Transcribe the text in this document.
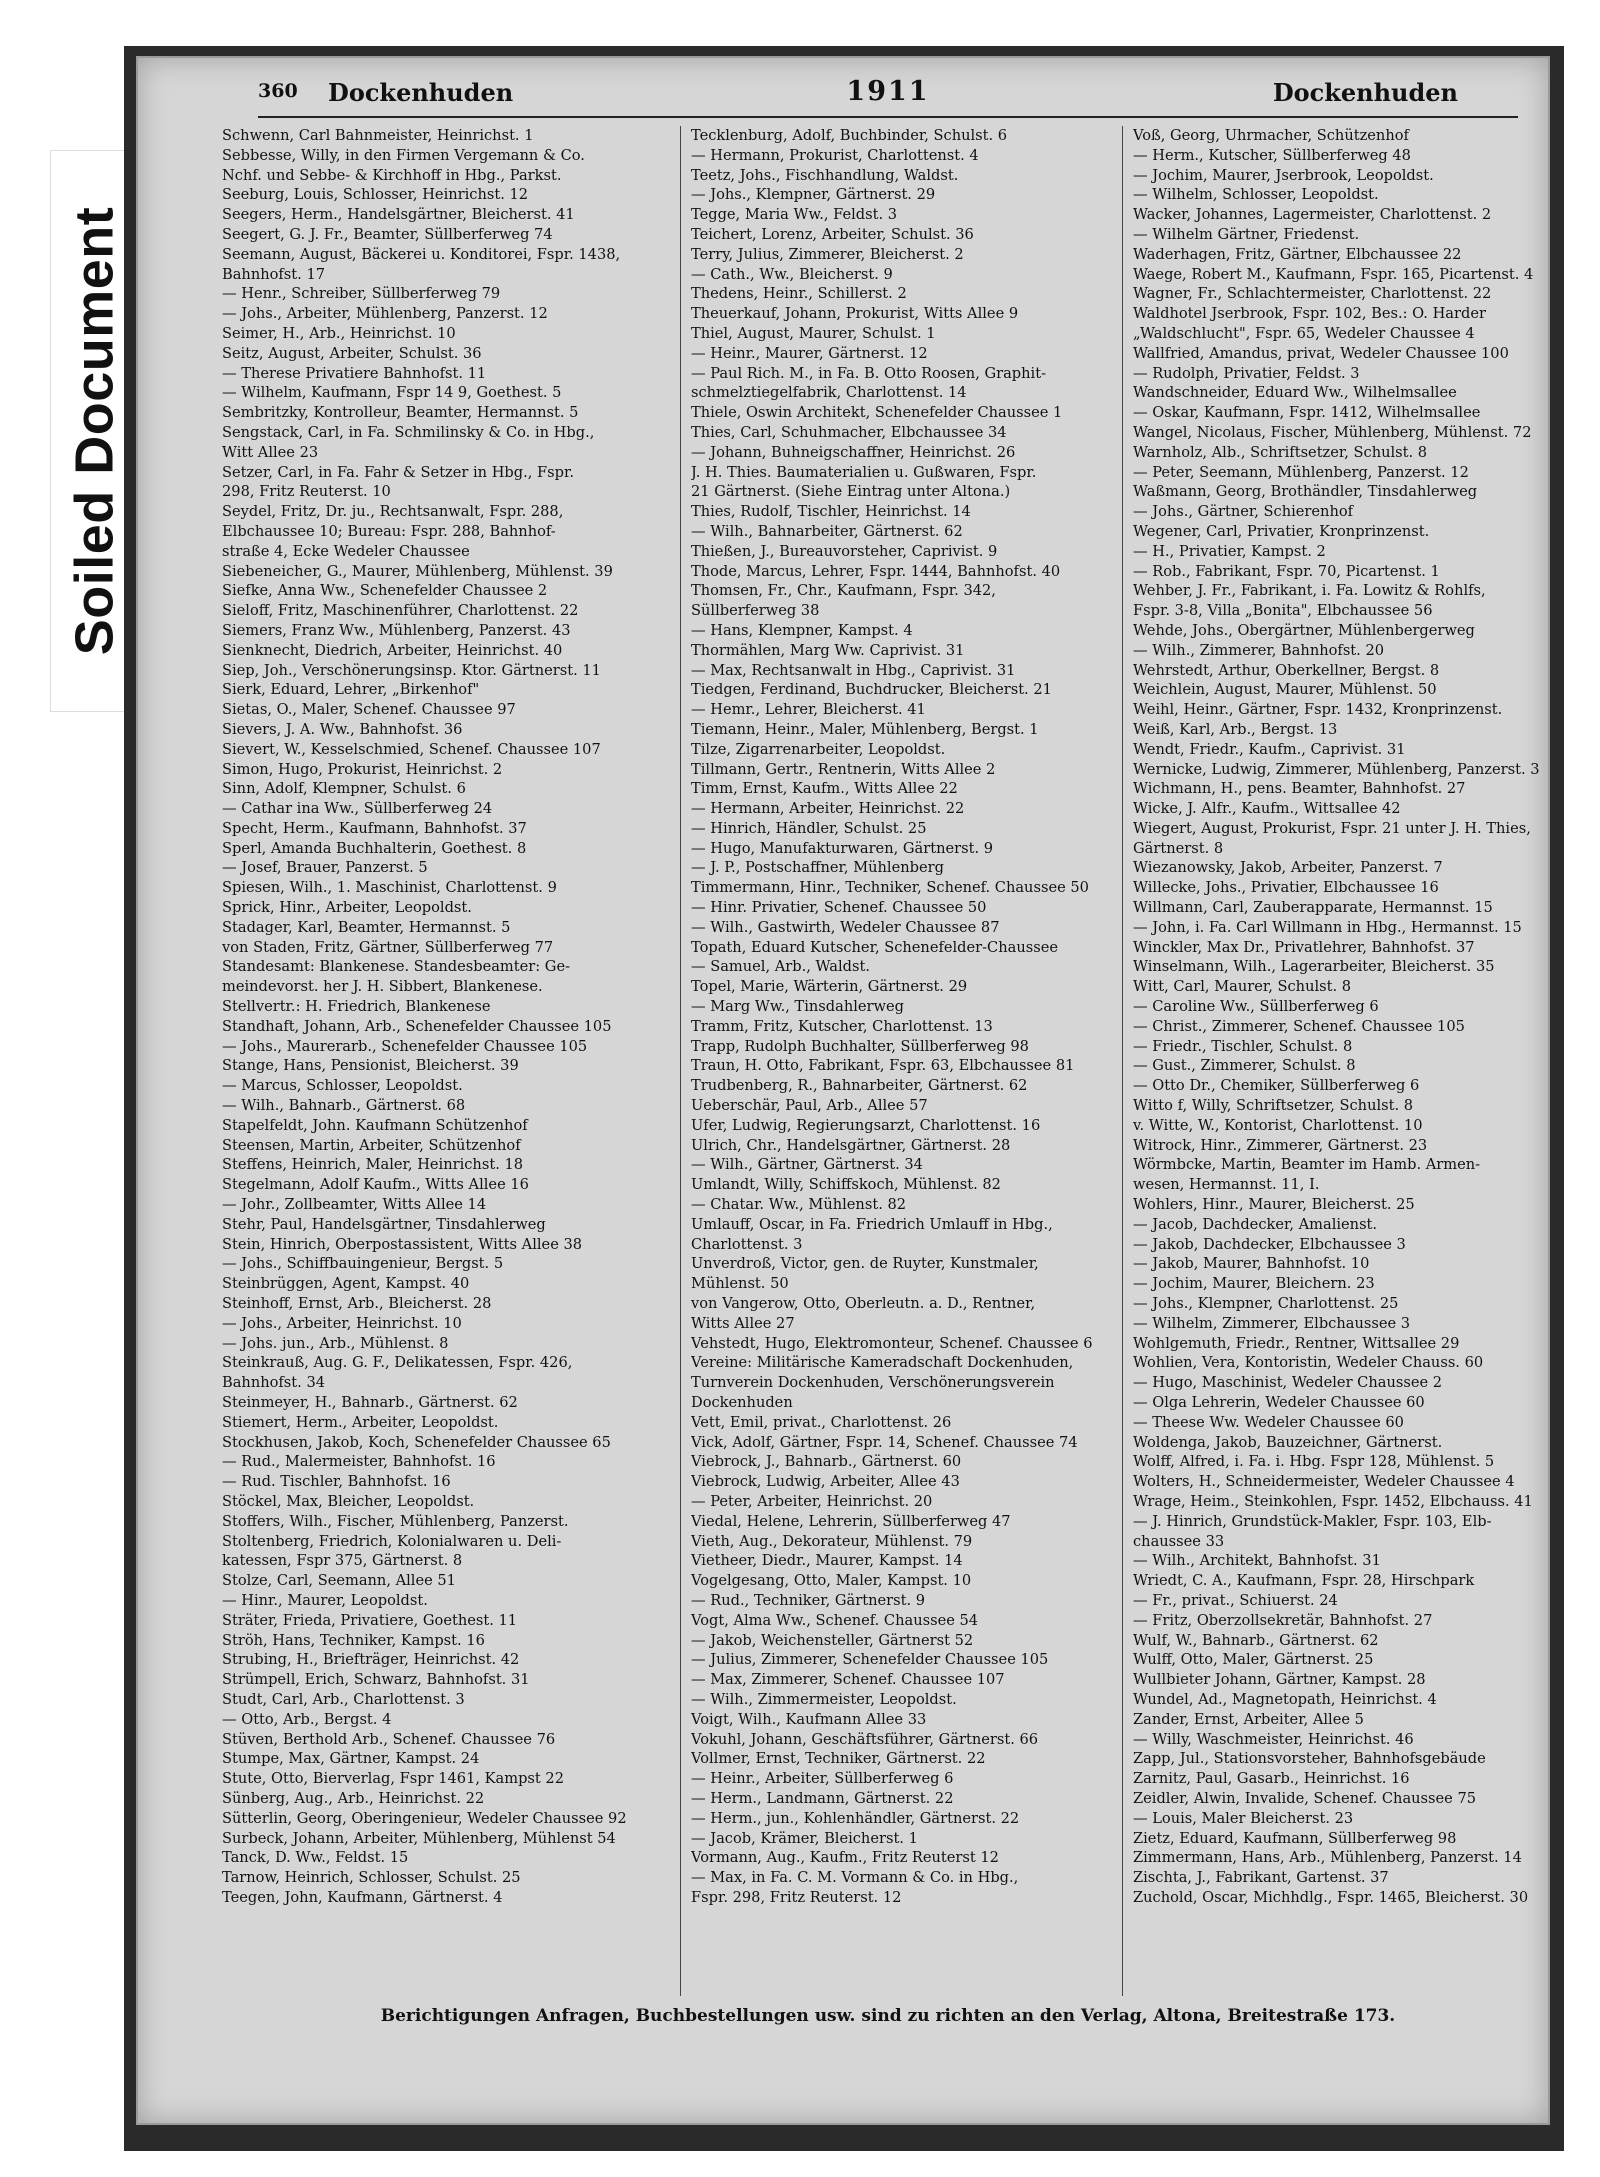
Soiled Document
360 Dockenhuden	1911	Dockenhuden
Schwenn, Carl Bahnmeister, Heinrichst. 1
Sebbesse, Willy, in den Firmen Vergemann & Co.
Nchf. und Sebbe- & Kirchhoff in Hbg., Parkst.
Seeburg, Louis, Schlosser, Heinrichst. 12
Seegers, Herm., Handelsgärtner, Bleicherst. 41
Seegert, G. J. Fr., Beamter, Süllberferweg 74
Seemann, August, Bäckerei u. Konditorei, Fspr. 1438,
Bahnhofst. 17
— Henr., Schreiber, Süllberferweg 79
— Johs., Arbeiter, Mühlenberg, Panzerst. 12
Seimer, H., Arb., Heinrichst. 10
Seitz, August, Arbeiter, Schulst. 36
— Therese Privatiere Bahnhofst. 11
— Wilhelm, Kaufmann, Fspr 14 9, Goethest. 5
Sembritzky, Kontrolleur, Beamter, Hermannst. 5
Sengstack, Carl, in Fa. Schmilinsky & Co. in Hbg.,
Witt Allee 23
Setzer, Carl, in Fa. Fahr & Setzer in Hbg., Fspr.
298, Fritz Reuterst. 10
Seydel, Fritz, Dr. ju., Rechtsanwalt, Fspr. 288,
Elbchaussee 10; Bureau: Fspr. 288, Bahnhof-
straße 4, Ecke Wedeler Chaussee
Siebeneicher, G., Maurer, Mühlenberg, Mühlenst. 39
Siefke, Anna Ww., Schenefelder Chaussee 2
Sieloff, Fritz, Maschinenführer, Charlottenst. 22
Siemers, Franz Ww., Mühlenberg, Panzerst. 43
Sienknecht, Diedrich, Arbeiter, Heinrichst. 40
Siep, Joh., Verschönerungsinsp. Ktor. Gärtnerst. 11
Sierk, Eduard, Lehrer, „Birkenhof"
Sietas, O., Maler, Schenef. Chaussee 97
Sievers, J. A. Ww., Bahnhofst. 36
Sievert, W., Kesselschmied, Schenef. Chaussee 107
Simon, Hugo, Prokurist, Heinrichst. 2
Sinn, Adolf, Klempner, Schulst. 6
— Cathar ina Ww., Süllberferweg 24
Specht, Herm., Kaufmann, Bahnhofst. 37
Sperl, Amanda Buchhalterin, Goethest. 8
— Josef, Brauer, Panzerst. 5
Spiesen, Wilh., 1. Maschinist, Charlottenst. 9
Sprick, Hinr., Arbeiter, Leopoldst.
Stadager, Karl, Beamter, Hermannst. 5
von Staden, Fritz, Gärtner, Süllberferweg 77
Standesamt: Blankenese. Standesbeamter: Ge-
meindevorst. her J. H. Sibbert, Blankenese.
Stellvertr.: H. Friedrich, Blankenese
Standhaft, Johann, Arb., Schenefelder Chaussee 105
— Johs., Maurerarb., Schenefelder Chaussee 105
Stange, Hans, Pensionist, Bleicherst. 39
— Marcus, Schlosser, Leopoldst.
— Wilh., Bahnarb., Gärtnerst. 68
Stapelfeldt, John. Kaufmann Schützenhof
Steensen, Martin, Arbeiter, Schützenhof
Steffens, Heinrich, Maler, Heinrichst. 18
Stegelmann, Adolf Kaufm., Witts Allee 16
— Johr., Zollbeamter, Witts Allee 14
Stehr, Paul, Handelsgärtner, Tinsdahlerweg
Stein, Hinrich, Oberpostassistent, Witts Allee 38
— Johs., Schiffbauingenieur, Bergst. 5
Steinbrüggen, Agent, Kampst. 40
Steinhoff, Ernst, Arb., Bleicherst. 28
— Johs., Arbeiter, Heinrichst. 10
— Johs. jun., Arb., Mühlenst. 8
Steinkrauß, Aug. G. F., Delikatessen, Fspr. 426,
Bahnhofst. 34
Steinmeyer, H., Bahnarb., Gärtnerst. 62
Stiemert, Herm., Arbeiter, Leopoldst.
Stockhusen, Jakob, Koch, Schenefelder Chaussee 65
— Rud., Malermeister, Bahnhofst. 16
— Rud. Tischler, Bahnhofst. 16
Stöckel, Max, Bleicher, Leopoldst.
Stoffers, Wilh., Fischer, Mühlenberg, Panzerst.
Stoltenberg, Friedrich, Kolonialwaren u. Deli-
katessen, Fspr 375, Gärtnerst. 8
Stolze, Carl, Seemann, Allee 51
— Hinr., Maurer, Leopoldst.
Sträter, Frieda, Privatiere, Goethest. 11
Ströh, Hans, Techniker, Kampst. 16
Strubing, H., Briefträger, Heinrichst. 42
Strümpell, Erich, Schwarz, Bahnhofst. 31
Studt, Carl, Arb., Charlottenst. 3
— Otto, Arb., Bergst. 4
Stüven, Berthold Arb., Schenef. Chaussee 76
Stumpe, Max, Gärtner, Kampst. 24
Stute, Otto, Bierverlag, Fspr 1461, Kampst 22
Sünberg, Aug., Arb., Heinrichst. 22
Sütterlin, Georg, Oberingenieur, Wedeler Chaussee 92
Surbeck, Johann, Arbeiter, Mühlenberg, Mühlenst 54
Tanck, D. Ww., Feldst. 15
Tarnow, Heinrich, Schlosser, Schulst. 25
Teegen, John, Kaufmann, Gärtnerst. 4
Tecklenburg, Adolf, Buchbinder, Schulst. 6
— Hermann, Prokurist, Charlottenst. 4
Teetz, Johs., Fischhandlung, Waldst.
— Johs., Klempner, Gärtnerst. 29
Tegge, Maria Ww., Feldst. 3
Teichert, Lorenz, Arbeiter, Schulst. 36
Terry, Julius, Zimmerer, Bleicherst. 2
— Cath., Ww., Bleicherst. 9
Thedens, Heinr., Schillerst. 2
Theuerkauf, Johann, Prokurist, Witts Allee 9
Thiel, August, Maurer, Schulst. 1
— Heinr., Maurer, Gärtnerst. 12
— Paul Rich. M., in Fa. B. Otto Roosen, Graphit-
schmelztiegelfabrik, Charlottenst. 14
Thiele, Oswin Architekt, Schenefelder Chaussee 1
Thies, Carl, Schuhmacher, Elbchaussee 34
— Johann, Buhneigschaffner, Heinrichst. 26
J. H. Thies. Baumaterialien u. Gußwaren, Fspr.
21 Gärtnerst. (Siehe Eintrag unter Altona.)
Thies, Rudolf, Tischler, Heinrichst. 14
— Wilh., Bahnarbeiter, Gärtnerst. 62
Thießen, J., Bureauvorsteher, Caprivist. 9
Thode, Marcus, Lehrer, Fspr. 1444, Bahnhofst. 40
Thomsen, Fr., Chr., Kaufmann, Fspr. 342,
Süllberferweg 38
— Hans, Klempner, Kampst. 4
Thormählen, Marg Ww. Caprivist. 31
— Max, Rechtsanwalt in Hbg., Caprivist. 31
Tiedgen, Ferdinand, Buchdrucker, Bleicherst. 21
— Hemr., Lehrer, Bleicherst. 41
Tiemann, Heinr., Maler, Mühlenberg, Bergst. 1
Tilze, Zigarrenarbeiter, Leopoldst.
Tillmann, Gertr., Rentnerin, Witts Allee 2
Timm, Ernst, Kaufm., Witts Allee 22
— Hermann, Arbeiter, Heinrichst. 22
— Hinrich, Händler, Schulst. 25
— Hugo, Manufakturwaren, Gärtnerst. 9
— J. P., Postschaffner, Mühlenberg
Timmermann, Hinr., Techniker, Schenef. Chaussee 50
— Hinr. Privatier, Schenef. Chaussee 50
— Wilh., Gastwirth, Wedeler Chaussee 87
Topath, Eduard Kutscher, Schenefelder-Chaussee
— Samuel, Arb., Waldst.
Topel, Marie, Wärterin, Gärtnerst. 29
— Marg Ww., Tinsdahlerweg
Tramm, Fritz, Kutscher, Charlottenst. 13
Trapp, Rudolph Buchhalter, Süllberferweg 98
Traun, H. Otto, Fabrikant, Fspr. 63, Elbchaussee 81
Trudbenberg, R., Bahnarbeiter, Gärtnerst. 62
Ueberschär, Paul, Arb., Allee 57
Ufer, Ludwig, Regierungsarzt, Charlottenst. 16
Ulrich, Chr., Handelsgärtner, Gärtnerst. 28
— Wilh., Gärtner, Gärtnerst. 34
Umlandt, Willy, Schiffskoch, Mühlenst. 82
— Chatar. Ww., Mühlenst. 82
Umlauff, Oscar, in Fa. Friedrich Umlauff in Hbg.,
Charlottenst. 3
Unverdroß, Victor, gen. de Ruyter, Kunstmaler,
Mühlenst. 50
von Vangerow, Otto, Oberleutn. a. D., Rentner,
Witts Allee 27
Vehstedt, Hugo, Elektromonteur, Schenef. Chaussee 6
Vereine: Militärische Kameradschaft Dockenhuden,
Turnverein Dockenhuden, Verschönerungsverein
Dockenhuden
Vett, Emil, privat., Charlottenst. 26
Vick, Adolf, Gärtner, Fspr. 14, Schenef. Chaussee 74
Viebrock, J., Bahnarb., Gärtnerst. 60
Viebrock, Ludwig, Arbeiter, Allee 43
— Peter, Arbeiter, Heinrichst. 20
Viedal, Helene, Lehrerin, Süllberferweg 47
Vieth, Aug., Dekorateur, Mühlenst. 79
Vietheer, Diedr., Maurer, Kampst. 14
Vogelgesang, Otto, Maler, Kampst. 10
— Rud., Techniker, Gärtnerst. 9
Vogt, Alma Ww., Schenef. Chaussee 54
— Jakob, Weichensteller, Gärtnerst 52
— Julius, Zimmerer, Schenefelder Chaussee 105
— Max, Zimmerer, Schenef. Chaussee 107
— Wilh., Zimmermeister, Leopoldst.
Voigt, Wilh., Kaufmann Allee 33
Vokuhl, Johann, Geschäftsführer, Gärtnerst. 66
Vollmer, Ernst, Techniker, Gärtnerst. 22
— Heinr., Arbeiter, Süllberferweg 6
— Herm., Landmann, Gärtnerst. 22
— Herm., jun., Kohlenhändler, Gärtnerst. 22
— Jacob, Krämer, Bleicherst. 1
Vormann, Aug., Kaufm., Fritz Reuterst 12
— Max, in Fa. C. M. Vormann & Co. in Hbg.,
Fspr. 298, Fritz Reuterst. 12
Voß, Georg, Uhrmacher, Schützenhof
— Herm., Kutscher, Süllberferweg 48
— Jochim, Maurer, Jserbrook, Leopoldst.
— Wilhelm, Schlosser, Leopoldst.
Wacker, Johannes, Lagermeister, Charlottenst. 2
— Wilhelm Gärtner, Friedenst.
Waderhagen, Fritz, Gärtner, Elbchaussee 22
Waege, Robert M., Kaufmann, Fspr. 165, Picartenst. 4
Wagner, Fr., Schlachtermeister, Charlottenst. 22
Waldhotel Jserbrook, Fspr. 102, Bes.: O. Harder
„Waldschlucht", Fspr. 65, Wedeler Chaussee 4
Wallfried, Amandus, privat, Wedeler Chaussee 100
— Rudolph, Privatier, Feldst. 3
Wandschneider, Eduard Ww., Wilhelmsallee
— Oskar, Kaufmann, Fspr. 1412, Wilhelmsallee
Wangel, Nicolaus, Fischer, Mühlenberg, Mühlenst. 72
Warnholz, Alb., Schriftsetzer, Schulst. 8
— Peter, Seemann, Mühlenberg, Panzerst. 12
Waßmann, Georg, Brothändler, Tinsdahlerweg
— Johs., Gärtner, Schierenhof
Wegener, Carl, Privatier, Kronprinzenst.
— H., Privatier, Kampst. 2
— Rob., Fabrikant, Fspr. 70, Picartenst. 1
Wehber, J. Fr., Fabrikant, i. Fa. Lowitz & Rohlfs,
Fspr. 3-8, Villa „Bonita", Elbchaussee 56
Wehde, Johs., Obergärtner, Mühlenbergerweg
— Wilh., Zimmerer, Bahnhofst. 20
Wehrstedt, Arthur, Oberkellner, Bergst. 8
Weichlein, August, Maurer, Mühlenst. 50
Weihl, Heinr., Gärtner, Fspr. 1432, Kronprinzenst.
Weiß, Karl, Arb., Bergst. 13
Wendt, Friedr., Kaufm., Caprivist. 31
Wernicke, Ludwig, Zimmerer, Mühlenberg, Panzerst. 3
Wichmann, H., pens. Beamter, Bahnhofst. 27
Wicke, J. Alfr., Kaufm., Wittsallee 42
Wiegert, August, Prokurist, Fspr. 21 unter J. H. Thies,
Gärtnerst. 8
Wiezanowsky, Jakob, Arbeiter, Panzerst. 7
Willecke, Johs., Privatier, Elbchaussee 16
Willmann, Carl, Zauberapparate, Hermannst. 15
— John, i. Fa. Carl Willmann in Hbg., Hermannst. 15
Winckler, Max Dr., Privatlehrer, Bahnhofst. 37
Winselmann, Wilh., Lagerarbeiter, Bleicherst. 35
Witt, Carl, Maurer, Schulst. 8
— Caroline Ww., Süllberferweg 6
— Christ., Zimmerer, Schenef. Chaussee 105
— Friedr., Tischler, Schulst. 8
— Gust., Zimmerer, Schulst. 8
— Otto Dr., Chemiker, Süllberferweg 6
Witto f, Willy, Schriftsetzer, Schulst. 8
v. Witte, W., Kontorist, Charlottenst. 10
Witrock, Hinr., Zimmerer, Gärtnerst. 23
Wörmbcke, Martin, Beamter im Hamb. Armen-
wesen, Hermannst. 11, I.
Wohlers, Hinr., Maurer, Bleicherst. 25
— Jacob, Dachdecker, Amalienst.
— Jakob, Dachdecker, Elbchaussee 3
— Jakob, Maurer, Bahnhofst. 10
— Jochim, Maurer, Bleichern. 23
— Johs., Klempner, Charlottenst. 25
— Wilhelm, Zimmerer, Elbchaussee 3
Wohlgemuth, Friedr., Rentner, Wittsallee 29
Wohlien, Vera, Kontoristin, Wedeler Chauss. 60
— Hugo, Maschinist, Wedeler Chaussee 2
— Olga Lehrerin, Wedeler Chaussee 60
— Theese Ww. Wedeler Chaussee 60
Woldenga, Jakob, Bauzeichner, Gärtnerst.
Wolff, Alfred, i. Fa. i. Hbg. Fspr 128, Mühlenst. 5
Wolters, H., Schneidermeister, Wedeler Chaussee 4
Wrage, Heim., Steinkohlen, Fspr. 1452, Elbchauss. 41
— J. Hinrich, Grundstück-Makler, Fspr. 103, Elb-
chaussee 33
— Wilh., Architekt, Bahnhofst. 31
Wriedt, C. A., Kaufmann, Fspr. 28, Hirschpark
— Fr., privat., Schiuerst. 24
— Fritz, Oberzollsekretär, Bahnhofst. 27
Wulf, W., Bahnarb., Gärtnerst. 62
Wulff, Otto, Maler, Gärtnerst. 25
Wullbieter Johann, Gärtner, Kampst. 28
Wundel, Ad., Magnetopath, Heinrichst. 4
Zander, Ernst, Arbeiter, Allee 5
— Willy, Waschmeister, Heinrichst. 46
Zapp, Jul., Stationsvorsteher, Bahnhofsgebäude
Zarnitz, Paul, Gasarb., Heinrichst. 16
Zeidler, Alwin, Invalide, Schenef. Chaussee 75
— Louis, Maler Bleicherst. 23
Zietz, Eduard, Kaufmann, Süllberferweg 98
Zimmermann, Hans, Arb., Mühlenberg, Panzerst. 14
Zischta, J., Fabrikant, Gartenst. 37
Zuchold, Oscar, Michhdlg., Fspr. 1465, Bleicherst. 30
Berichtigungen Anfragen, Buchbestellungen usw. sind zu richten an den Verlag, Altona, Breitestraße 173.
